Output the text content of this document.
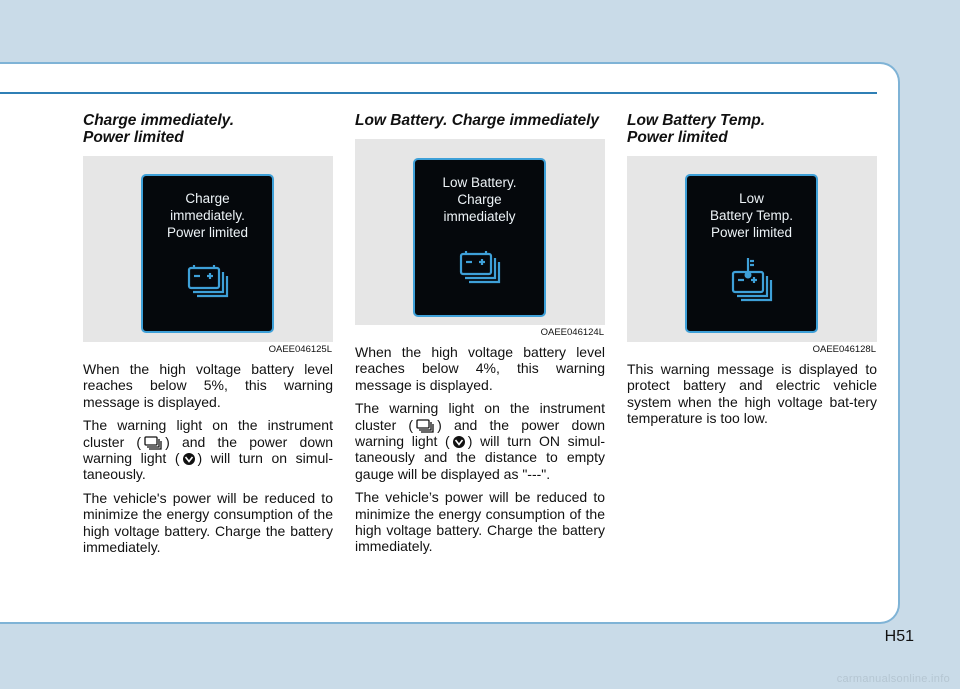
Charge immediately.
Power limited

Charge
immediately.
Power limited
OAEE046125L

When the high voltage battery level reaches below 5%, this warning message is displayed.

The warning light on the instrument cluster ( ) and the power down warning light ( ) will turn on simul-taneously.

The vehicle's power will be reduced to minimize the energy consumption of the high voltage battery. Charge the battery immediately.

Low Battery. Charge immediately

Low Battery.
Charge
immediately
OAEE046124L

When the high voltage battery level reaches below 4%, this warning message is displayed.

The warning light on the instrument cluster ( ) and the power down warning light ( ) will turn ON simul-taneously and the distance to empty gauge will be displayed as "---".

The vehicle’s power will be reduced to minimize the energy consumption of the high voltage battery. Charge the battery immediately.

Low Battery Temp.
Power limited

Low
Battery Temp.
Power limited
OAEE046128L

This warning message is displayed to protect battery and electric vehicle system when the high voltage bat-tery temperature is too low.

H51
carmanualsonline.info
